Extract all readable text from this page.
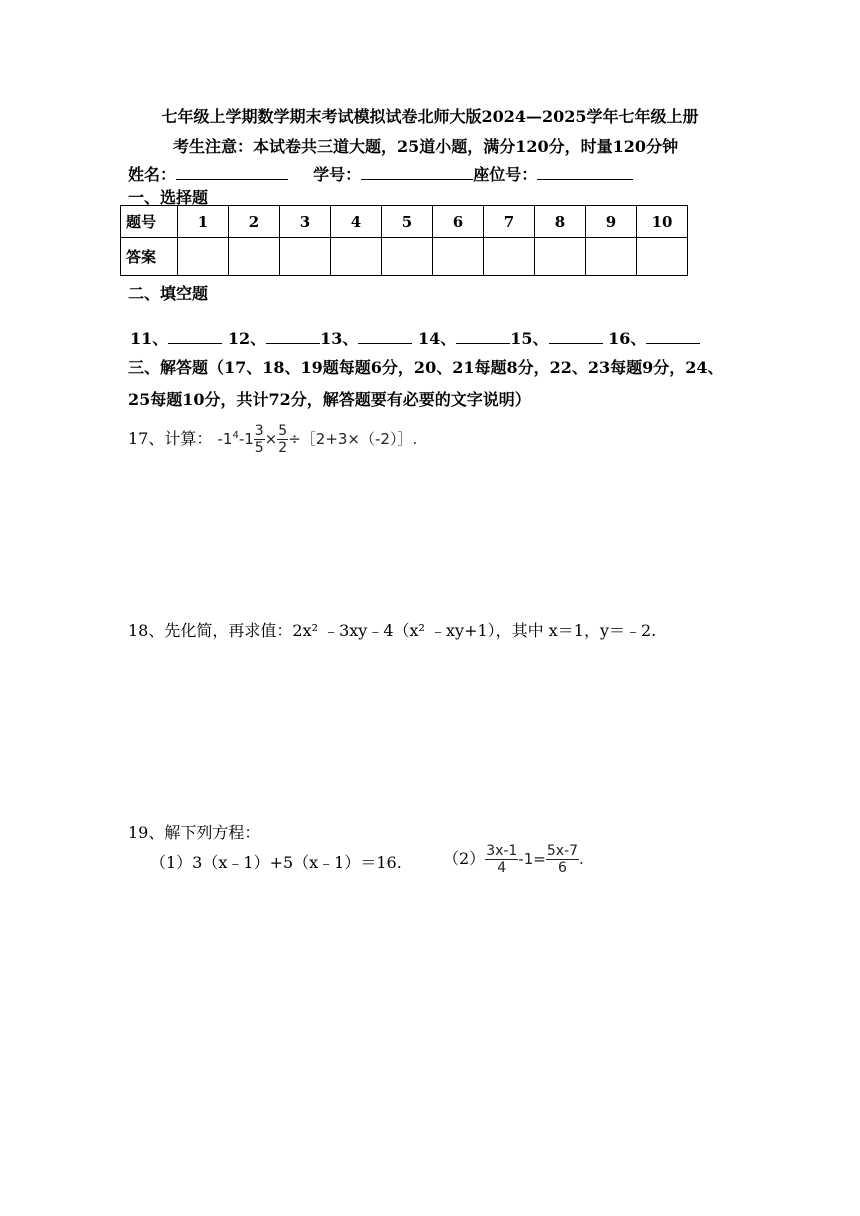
七年级上学期数学期末考试模拟试卷北师大版2024—2025学年七年级上册
考生注意：本试卷共三道大题，25道小题，满分120分，时量120分钟
姓名：	学号：	座位号：
一、选择题
题号	1	2	3	4	5	6	7	8	9	10
答案										
二、填空题
11、	12、	13、	14、	15、	16、
三、解答题（17、18、19题每题6分，20、21每题8分，22、23每题9分，24、
25每题10分，共计72分，解答题要有必要的文字说明）
17、计算： $-1^4-1 \frac{3}{5} \times \frac{5}{2}$ ÷［2+3×（-2）］.
18、先化简，再求值：2x² ﹣3xy﹣4（x² ﹣xy+1），其中 x＝1，y＝﹣2.
19、解下列方程：
（1）3（x﹣1）+5（x﹣1）＝16.	$(2) \frac{3x-1}{4} -1= \frac{5x-7}{6}$ .
